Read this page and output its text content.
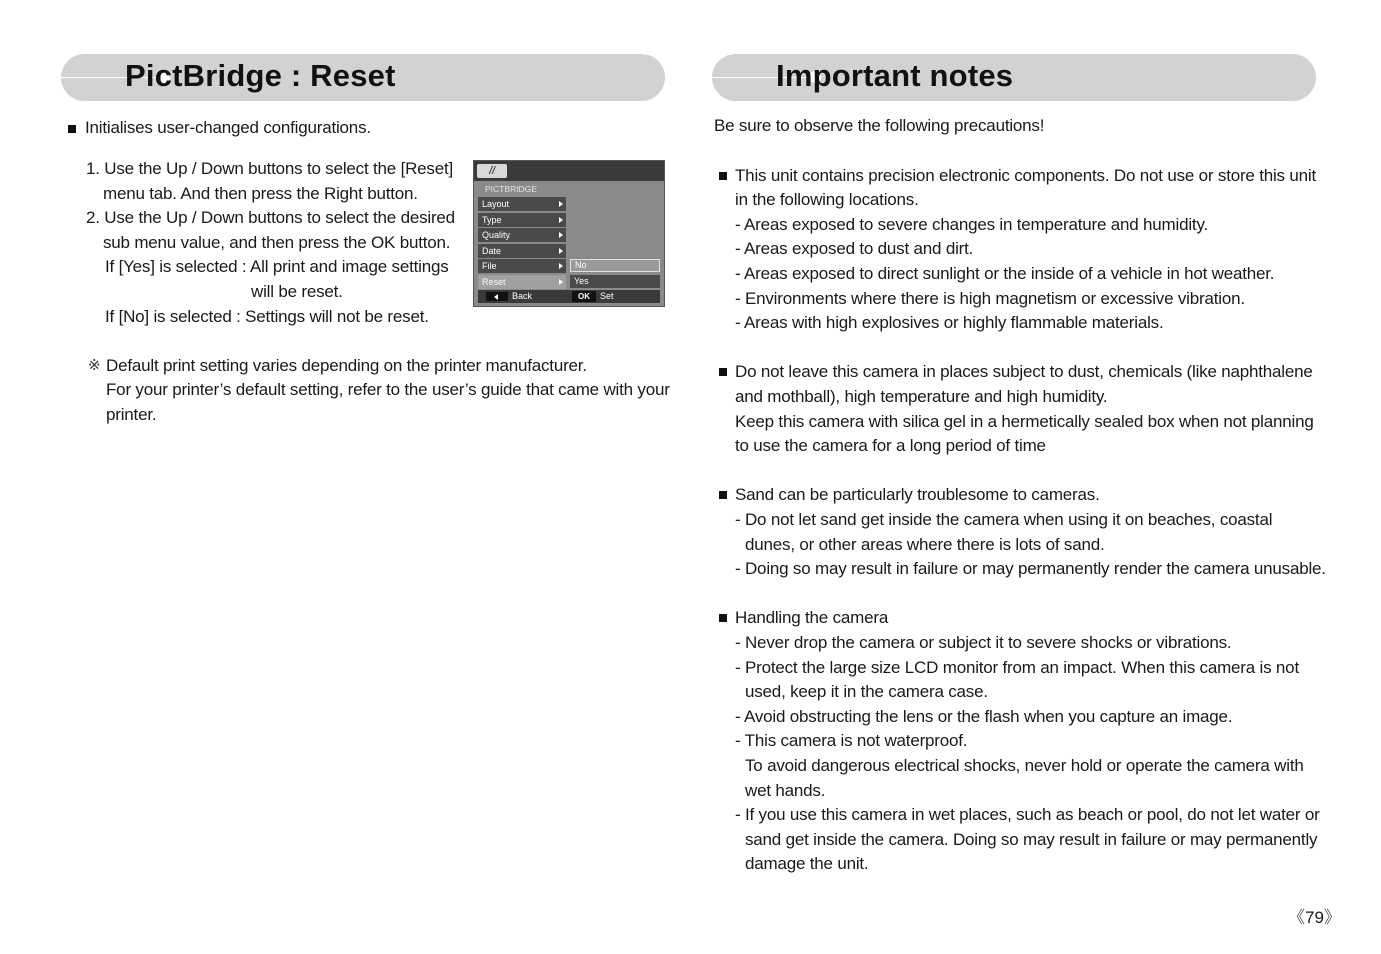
PictBridge : Reset	Important notes
Initialises user-changed configurations.
1. Use the Up / Down buttons to select the [Reset]
menu tab. And then press the Right button.
2. Use the Up / Down buttons to select the desired
sub menu value, and then press the OK button.
If [Yes] is selected : All print and image settings
will be reset.
If [No] is selected : Settings will not be reset.
※ Default print setting varies depending on the printer manufacturer.
For your printer’s default setting, refer to the user’s guide that came with your
printer.
//
PICTBRIDGE
Layout
Type
Quality
Date
File
Reset
No
Yes
Back	OK	Set
Be sure to observe the following precautions!
This unit contains precision electronic components. Do not use or store this unit
in the following locations.
- Areas exposed to severe changes in temperature and humidity.
- Areas exposed to dust and dirt.
- Areas exposed to direct sunlight or the inside of a vehicle in hot weather.
- Environments where there is high magnetism or excessive vibration.
- Areas with high explosives or highly flammable materials.
Do not leave this camera in places subject to dust, chemicals (like naphthalene
and mothball), high temperature and high humidity.
Keep this camera with silica gel in a hermetically sealed box when not planning
to use the camera for a long period of time
Sand can be particularly troublesome to cameras.
- Do not let sand get inside the camera when using it on beaches, coastal
dunes, or other areas where there is lots of sand.
- Doing so may result in failure or may permanently render the camera unusable.
Handling the camera
- Never drop the camera or subject it to severe shocks or vibrations.
- Protect the large size LCD monitor from an impact. When this camera is not
used, keep it in the camera case.
- Avoid obstructing the lens or the flash when you capture an image.
- This camera is not waterproof.
To avoid dangerous electrical shocks, never hold or operate the camera with
wet hands.
- If you use this camera in wet places, such as beach or pool, do not let water or
sand get inside the camera. Doing so may result in failure or may permanently
damage the unit.
《79》
